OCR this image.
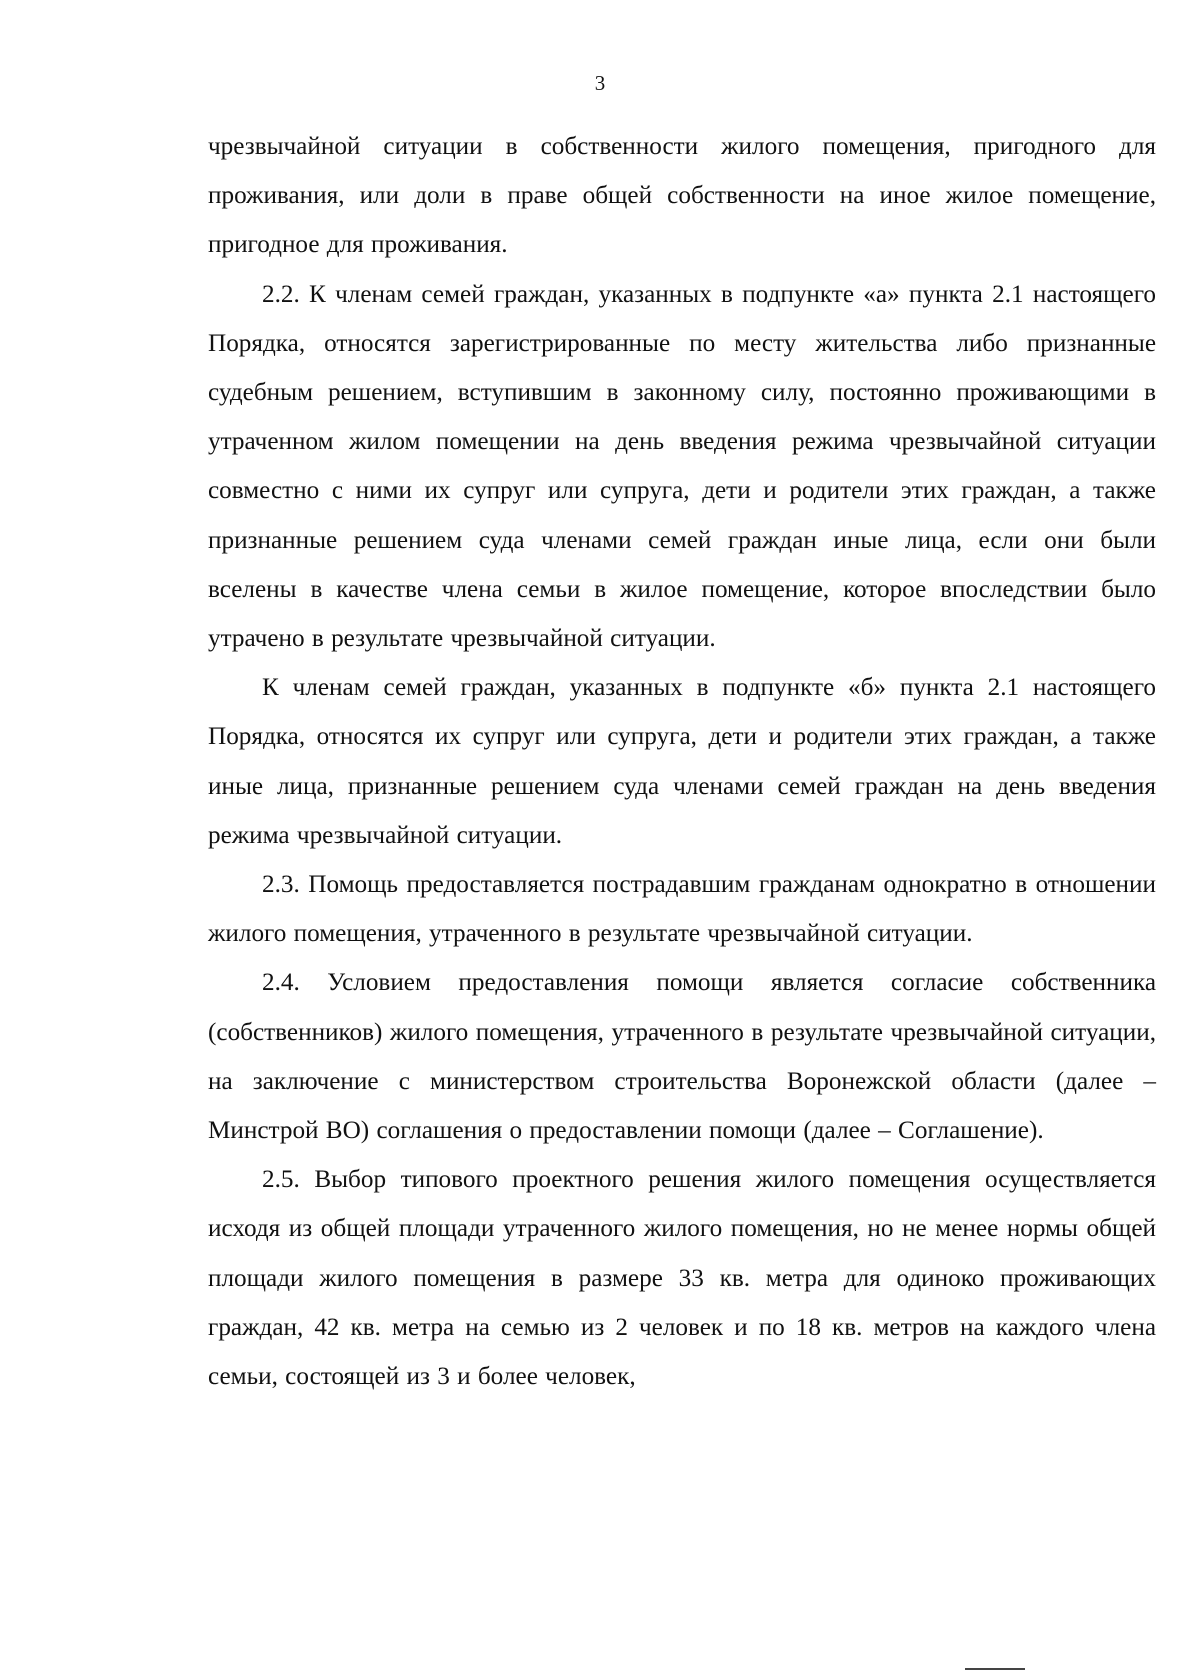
3

чрезвычайной ситуации в собственности жилого помещения, пригодного для проживания, или доли в праве общей собственности на иное жилое помещение, пригодное для проживания.

2.2. К членам семей граждан, указанных в подпункте «а» пункта 2.1 настоящего Порядка, относятся зарегистрированные по месту жительства либо признанные судебным решением, вступившим в законному силу, постоянно проживающими в утраченном жилом помещении на день введения режима чрезвычайной ситуации совместно с ними их супруг или супруга, дети и родители этих граждан, а также признанные решением суда членами семей граждан иные лица, если они были вселены в качестве члена семьи в жилое помещение, которое впоследствии было утрачено в результате чрезвычайной ситуации.

К членам семей граждан, указанных в подпункте «б» пункта 2.1 настоящего Порядка, относятся их супруг или супруга, дети и родители этих граждан, а также иные лица, признанные решением суда членами семей граждан на день введения режима чрезвычайной ситуации.

2.3. Помощь предоставляется пострадавшим гражданам однократно в отношении жилого помещения, утраченного в результате чрезвычайной ситуации.

2.4. Условием предоставления помощи является согласие собственника (собственников) жилого помещения, утраченного в результате чрезвычайной ситуации, на заключение с министерством строительства Воронежской области (далее – Минстрой ВО) соглашения о предоставлении помощи (далее – Соглашение).

2.5. Выбор типового проектного решения жилого помещения осуществляется исходя из общей площади утраченного жилого помещения, но не менее нормы общей площади жилого помещения в размере 33 кв. метра для одиноко проживающих граждан, 42 кв. метра на семью из 2 человек и по 18 кв. метров на каждого члена семьи, состоящей из 3 и более человек,
